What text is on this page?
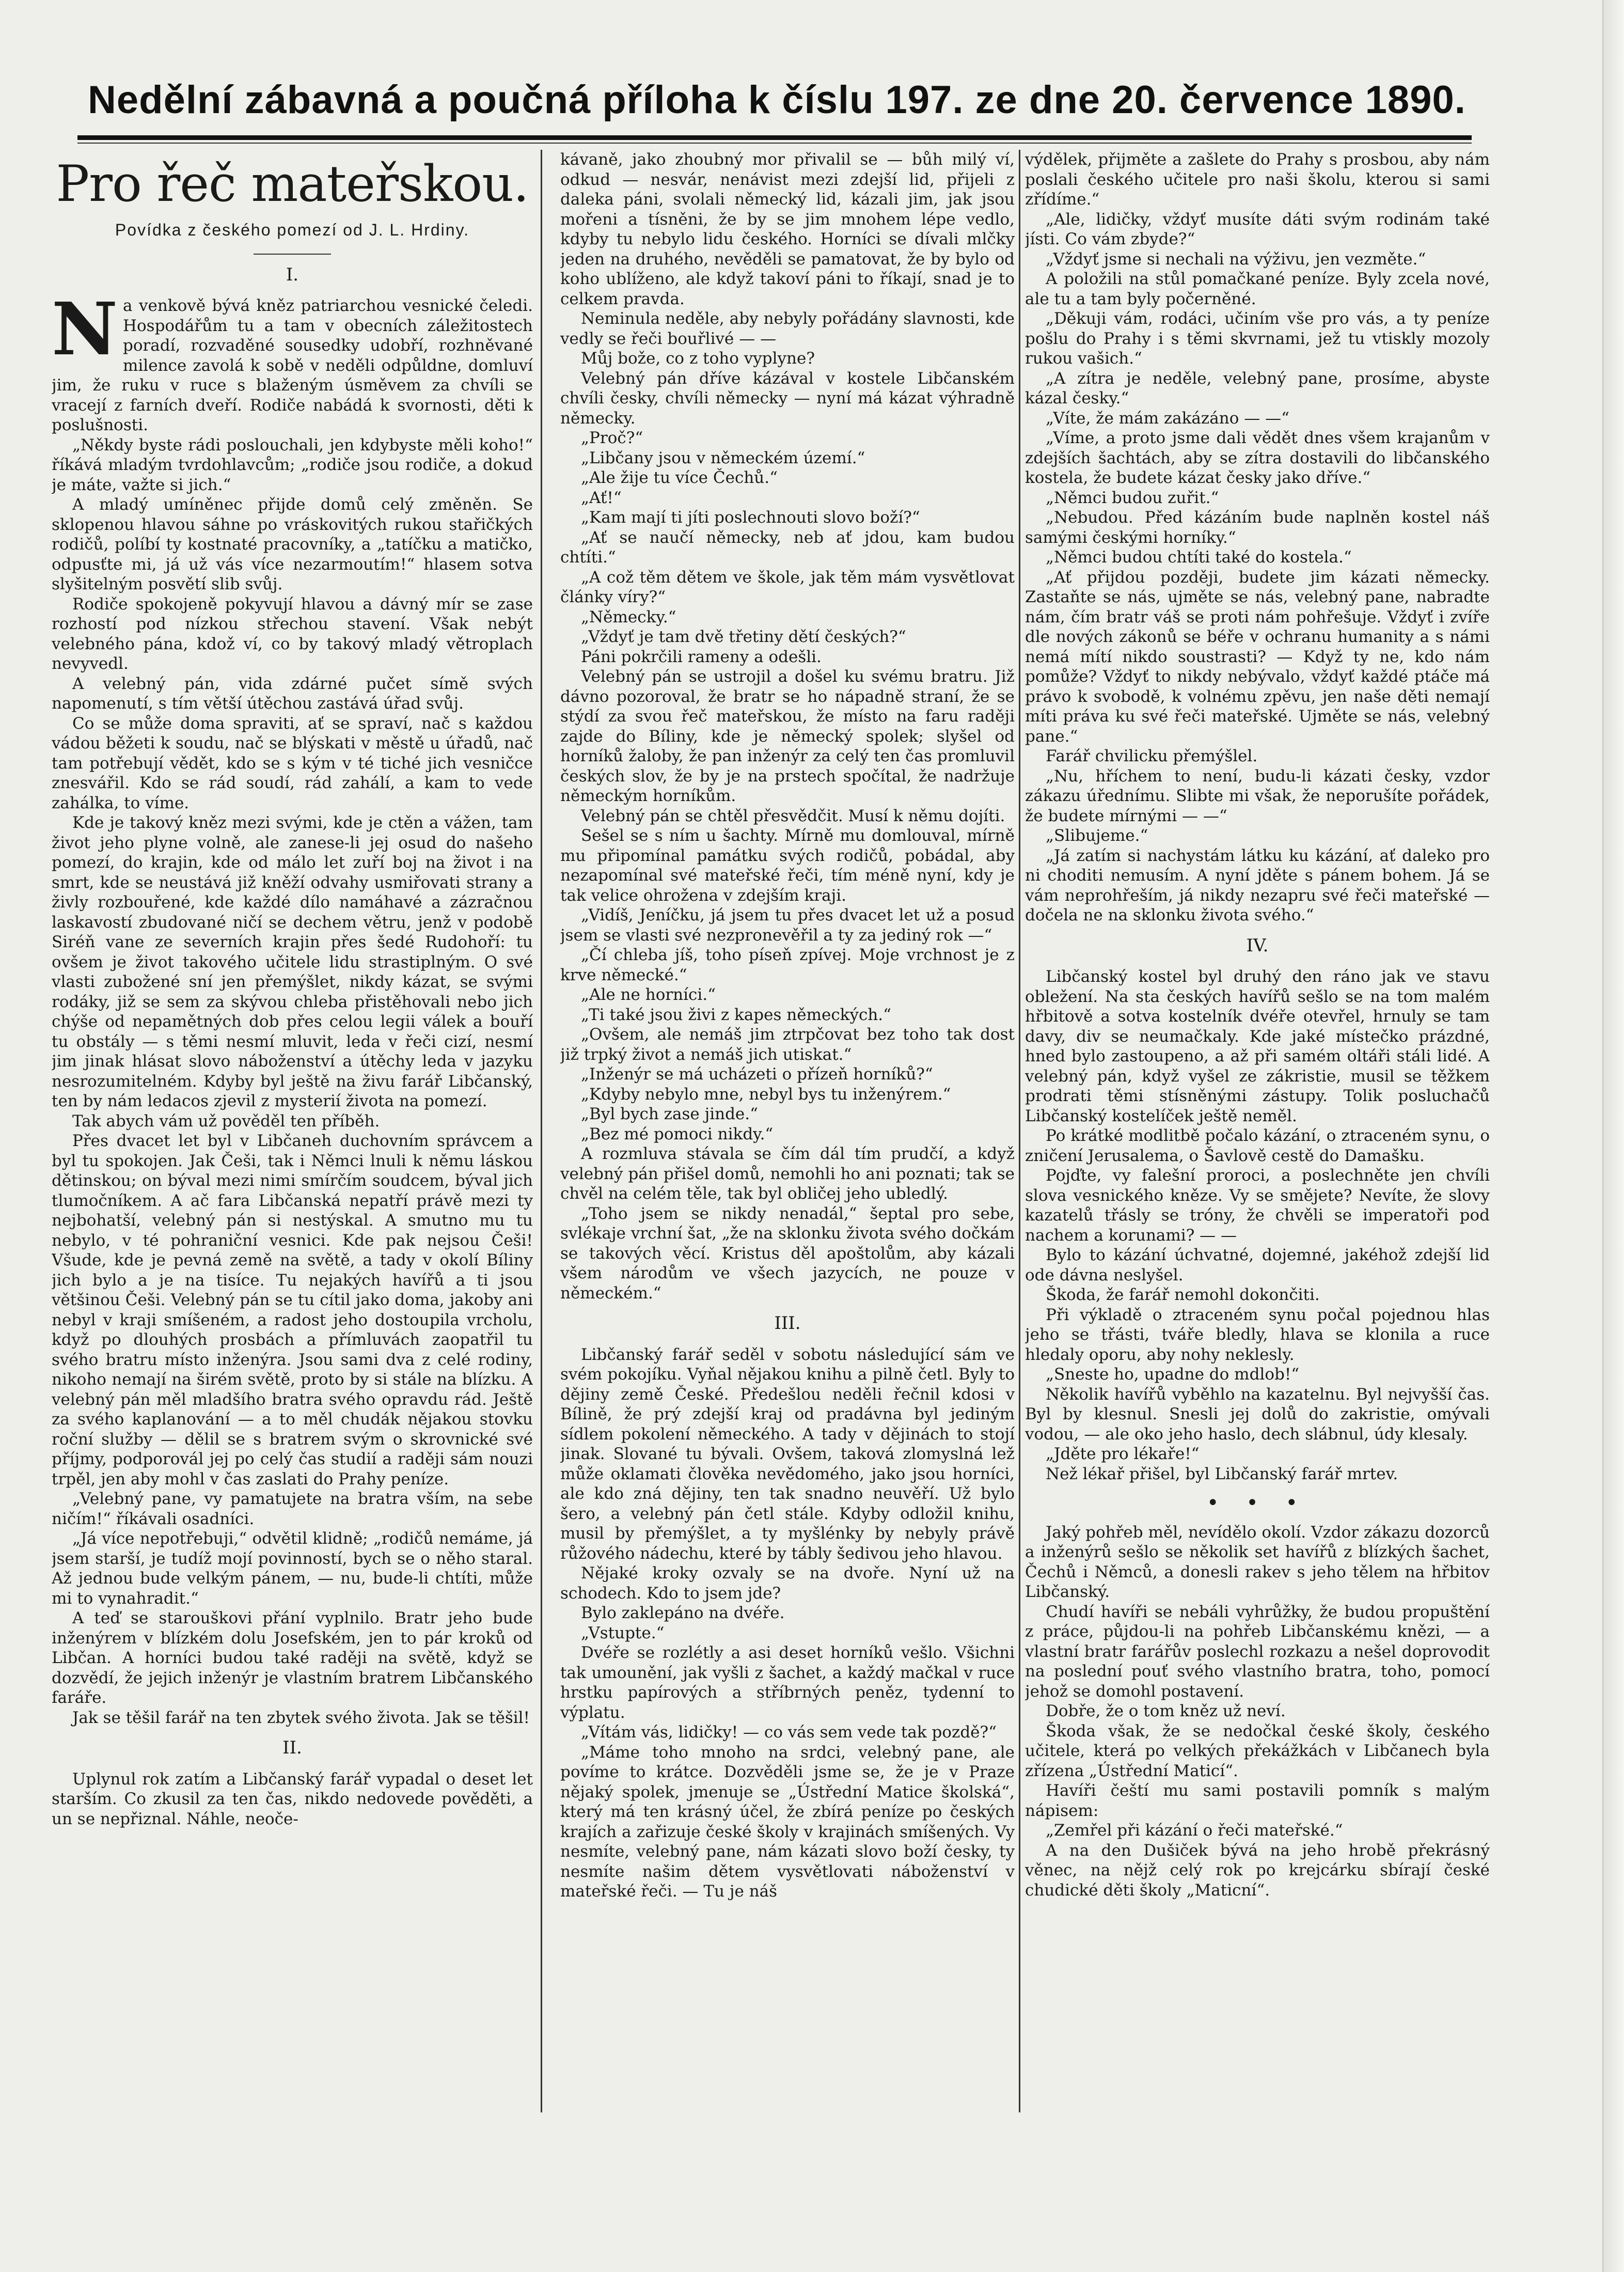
Nedělní zábavná a poučná příloha k číslu 197. ze dne 20. července 1890.
Pro řeč mateřskou.
Povídka z českého pomezí od J. L. Hrdiny.
I.

Na venkově bývá kněz patriarchou vesnické čeledi. Hospodářům tu a tam v obecních záležitostech poradí, rozvaděné sousedky udobří, rozhněvané milence zavolá k sobě v neděli odpůldne, domluví jim, že ruku v ruce s blaženým úsměvem za chvíli se vracejí z farních dveří. Rodiče nabádá k svornosti, děti k poslušnosti.

„Někdy byste rádi poslouchali, jen kdybyste měli koho!“ říkává mladým tvrdohlavcům; „rodiče jsou rodiče, a dokud je máte, važte si jich.“

A mladý umíněnec přijde domů celý změněn. Se sklopenou hlavou sáhne po vráskovitých rukou stařičkých rodičů, políbí ty kostnaté pracovníky, a „tatíčku a matičko, odpusťte mi, já už vás více nezarmoutím!“ hlasem sotva slyšitelným posvětí slib svůj.

Rodiče spokojeně pokyvují hlavou a dávný mír se zase rozhostí pod nízkou střechou stavení. Však nebýt velebného pána, kdož ví, co by takový mladý větroplach nevyvedl.

A velebný pán, vida zdárné pučet símě svých napomenutí, s tím větší útěchou zastává úřad svůj.

Co se může doma spraviti, ať se spraví, nač s každou vádou běžeti k soudu, nač se blýskati v městě u úřadů, nač tam potřebují vědět, kdo se s kým v té tiché jich vesničce znesvářil. Kdo se rád soudí, rád zahálí, a kam to vede zahálka, to víme.

Kde je takový kněz mezi svými, kde je ctěn a vážen, tam život jeho plyne volně, ale zanese-li jej osud do našeho pomezí, do krajin, kde od málo let zuří boj na život i na smrt, kde se neustává již kněží odvahy usmiřovati strany a živly rozbouřené, kde každé dílo namáhavé a zázračnou laskavostí zbudované ničí se dechem větru, jenž v podobě Siréň vane ze severních krajin přes šedé Rudohoří: tu ovšem je život takového učitele lidu strastiplným. O své vlasti zubožené sní jen přemýšlet, nikdy kázat, se svými rodáky, již se sem za skývou chleba přistěhovali nebo jich chýše od nepamětných dob přes celou legii válek a bouří tu obstály — s těmi nesmí mluvit, leda v řeči cizí, nesmí jim jinak hlásat slovo náboženství a útěchy leda v jazyku nesrozumitelném. Kdyby byl ještě na živu farář Libčanský, ten by nám ledacos zjevil z mysterií života na pomezí.

Tak abych vám už pověděl ten příběh.

Přes dvacet let byl v Libčaneh duchovním správcem a byl tu spokojen. Jak Češi, tak i Němci lnuli k němu láskou dětinskou; on býval mezi nimi smírčím soudcem, býval jich tlumočníkem. A ač fara Libčanská nepatří právě mezi ty nejbohatší, velebný pán si nestýskal. A smutno mu tu nebylo, v té pohraniční vesnici. Kde pak nejsou Češi! Všude, kde je pevná země na světě, a tady v okolí Bíliny jich bylo a je na tisíce. Tu nejakých havířů a ti jsou většinou Češi. Velebný pán se tu cítil jako doma, jakoby ani nebyl v kraji smíšeném, a radost jeho dostoupila vrcholu, když po dlouhých prosbách a přímluvách zaopatřil tu svého bratru místo inženýra. Jsou sami dva z celé rodiny, nikoho nemají na širém světě, proto by si stále na blízku. A velebný pán měl mladšího bratra svého opravdu rád. Ještě za svého kaplanování — a to měl chudák nějakou stovku roční služby — dělil se s bratrem svým o skrovnické své příjmy, podporovál jej po celý čas studií a raději sám nouzi trpěl, jen aby mohl v čas zaslati do Prahy peníze.

„Velebný pane, vy pamatujete na bratra vším, na sebe ničím!“ říkávali osadníci.

„Já více nepotřebuji,“ odvětil klidně; „rodičů nemáme, já jsem starší, je tudíž mojí povinností, bych se o něho staral. Až jednou bude velkým pánem, — nu, bude-li chtíti, může mi to vynahradit.“

A teď se starouškovi přání vyplnilo. Bratr jeho bude inženýrem v blízkém dolu Josefském, jen to pár kroků od Libčan. A horníci budou také raději na světě, když se dozvědí, že jejich inženýr je vlastním bratrem Libčanského faráře.

Jak se těšil farář na ten zbytek svého života. Jak se těšil!

II.

Uplynul rok zatím a Libčanský farář vypadal o deset let starším. Co zkusil za ten čas, nikdo nedovede pověděti, a un se nepřiznal. Náhle, neoče-

kávaně, jako zhoubný mor přivalil se — bůh milý ví, odkud — nesvár, nenávist mezi zdejší lid, přijeli z daleka páni, svolali německý lid, kázali jim, jak jsou mořeni a tísněni, že by se jim mnohem lépe vedlo, kdyby tu nebylo lidu českého. Horníci se dívali mlčky jeden na druhého, nevěděli se pamatovat, že by bylo od koho ublíženo, ale když takoví páni to říkají, snad je to celkem pravda.

Neminula neděle, aby nebyly pořádány slavnosti, kde vedly se řeči bouřlivé — —

Můj bože, co z toho vyplyne?

Velebný pán dříve kázával v kostele Libčanském chvíli česky, chvíli německy — nyní má kázat výhradně německy.

„Proč?“

„Libčany jsou v německém území.“

„Ale žije tu více Čechů.“

„Ať!“

„Kam mají ti jíti poslechnouti slovo boží?“

„Ať se naučí německy, neb ať jdou, kam budou chtíti.“

„A což těm dětem ve škole, jak těm mám vysvětlovat články víry?“

„Německy.“

„Vždyť je tam dvě třetiny dětí českých?“

Páni pokrčili rameny a odešli.

Velebný pán se ustrojil a došel ku svému bratru. Již dávno pozoroval, že bratr se ho nápadně straní, že se stýdí za svou řeč mateřskou, že místo na faru raději zajde do Bíliny, kde je německý spolek; slyšel od horníků žaloby, že pan inženýr za celý ten čas promluvil českých slov, že by je na prstech spočítal, že nadržuje německým horníkům.

Velebný pán se chtěl přesvědčit. Musí k němu dojíti.

Sešel se s ním u šachty. Mírně mu domlouval, mírně mu připomínal památku svých rodičů, pobádal, aby nezapomínal své mateřské řeči, tím méně nyní, kdy je tak velice ohrožena v zdejším kraji.

„Vidíš, Jeníčku, já jsem tu přes dvacet let už a posud jsem se vlasti své nezpronevěřil a ty za jediný rok —“

„Čí chleba jíš, toho píseň zpívej. Moje vrchnost je z krve německé.“

„Ale ne horníci.“

„Ti také jsou živi z kapes německých.“

„Ovšem, ale nemáš jim ztrpčovat bez toho tak dost již trpký život a nemáš jich utiskat.“

„Inženýr se má ucházeti o přízeň horníků?“

„Kdyby nebylo mne, nebyl bys tu inženýrem.“

„Byl bych zase jinde.“

„Bez mé pomoci nikdy.“

A rozmluva stávala se čím dál tím prudčí, a když velebný pán přišel domů, nemohli ho ani poznati; tak se chvěl na celém těle, tak byl obličej jeho ubledlý.

„Toho jsem se nikdy nenadál,“ šeptal pro sebe, svlékaje vrchní šat, „že na sklonku života svého dočkám se takových věcí. Kristus děl apoštolům, aby kázali všem národům ve všech jazycích, ne pouze v německém.“

III.

Libčanský farář seděl v sobotu následující sám ve svém pokojíku. Vyňal nějakou knihu a pilně četl. Byly to dějiny země České. Předešlou neděli řečnil kdosi v Bílině, že prý zdejší kraj od pradávna byl jediným sídlem pokolení německého. A tady v dějinách to stojí jinak. Slované tu bývali. Ovšem, taková zlomyslná lež může oklamati člověka nevědomého, jako jsou horníci, ale kdo zná dějiny, ten tak snadno neuvěří. Už bylo šero, a velebný pán četl stále. Kdyby odložil knihu, musil by přemýšlet, a ty myšlénky by nebyly právě růžového nádechu, které by tábly šedivou jeho hlavou.

Nějaké kroky ozvaly se na dvoře. Nyní už na schodech. Kdo to jsem jde?

Bylo zaklepáno na dvéře.

„Vstupte.“

Dvéře se rozlétly a asi deset horníků vešlo. Všichni tak umounění, jak vyšli z šachet, a každý mačkal v ruce hrstku papírových a stříbrných peněz, tydenní to výplatu.

„Vítám vás, lidičky! — co vás sem vede tak pozdě?“

„Máme toho mnoho na srdci, velebný pane, ale povíme to krátce. Dozvěděli jsme se, že je v Praze nějaký spolek, jmenuje se „Ústřední Matice školská“, který má ten krásný účel, že zbírá peníze po českých krajích a zařizuje české školy v krajinách smíšených. Vy nesmíte, velebný pane, nám kázati slovo boží česky, ty nesmíte našim dětem vysvětlovati náboženství v mateřské řeči. — Tu je náš

výdělek, přijměte a zašlete do Prahy s prosbou, aby nám poslali českého učitele pro naši školu, kterou si sami zřídíme.“

„Ale, lidičky, vždyť musíte dáti svým rodinám také jísti. Co vám zbyde?“

„Vždyť jsme si nechali na výživu, jen vezměte.“

A položili na stůl pomačkané peníze. Byly zcela nové, ale tu a tam byly počerněné.

„Děkuji vám, rodáci, učiním vše pro vás, a ty peníze pošlu do Prahy i s těmi skvrnami, jež tu vtiskly mozoly rukou vašich.“

„A zítra je neděle, velebný pane, prosíme, abyste kázal česky.“

„Víte, že mám zakázáno — —“

„Víme, a proto jsme dali vědět dnes všem krajanům v zdejších šachtách, aby se zítra dostavili do libčanského kostela, že budete kázat česky jako dříve.“

„Němci budou zuřit.“

„Nebudou. Před kázáním bude naplněn kostel náš samými českými horníky.“

„Němci budou chtíti také do kostela.“

„Ať přijdou později, budete jim kázati německy. Zastaňte se nás, ujměte se nás, velebný pane, nabradte nám, čím bratr váš se proti nám pohřešuje. Vždyť i zvíře dle nových zákonů se béře v ochranu humanity a s námi nemá mítí nikdo soustrasti? — Když ty ne, kdo nám pomůže? Vždyť to nikdy nebývalo, vždyť každé ptáče má právo k svobodě, k volnému zpěvu, jen naše děti nemají míti práva ku své řeči mateřské. Ujměte se nás, velebný pane.“

Farář chvilicku přemýšlel.

„Nu, hříchem to není, budu-li kázati česky, vzdor zákazu úřednímu. Slibte mi však, že neporušíte pořádek, že budete mírnými — —“

„Slibujeme.“

„Já zatím si nachystám látku ku kázání, ať daleko pro ni choditi nemusím. A nyní jděte s pánem bohem. Já se vám neprohřeším, já nikdy nezapru své řeči mateřské — dočela ne na sklonku života svého.“

IV.

Libčanský kostel byl druhý den ráno jak ve stavu obležení. Na sta českých havířů sešlo se na tom malém hřbitově a sotva kostelník dvéře otevřel, hrnuly se tam davy, div se neumačkaly. Kde jaké místečko prázdné, hned bylo zastoupeno, a až při samém oltáři stáli lidé. A velebný pán, když vyšel ze zákristie, musil se těžkem prodrati těmi stísněnými zástupy. Tolik posluchačů Libčanský kostelíček ještě neměl.

Po krátké modlitbě počalo kázání, o ztraceném synu, o zničení Jerusalema, o Šavlově cestě do Damašku.

Pojďte, vy falešní proroci, a poslechněte jen chvíli slova vesnického kněze. Vy se smějete? Nevíte, že slovy kazatelů třásly se tróny, že chvěli se imperatoři pod nachem a korunami? — —

Bylo to kázání úchvatné, dojemné, jakéhož zdejší lid ode dávna neslyšel.

Škoda, že farář nemohl dokončiti.

Při výkladě o ztraceném synu počal pojednou hlas jeho se třásti, tváře bledly, hlava se klonila a ruce hledaly oporu, aby nohy neklesly.

„Sneste ho, upadne do mdlob!“

Několik havířů vyběhlo na kazatelnu. Byl nejvyšší čas. Byl by klesnul. Snesli jej dolů do zakristie, omývali vodou, — ale oko jeho haslo, dech slábnul, údy klesaly.

„Jděte pro lékaře!“

Než lékař přišel, byl Libčanský farář mrtev.

• • •

Jaký pohřeb měl, nevídělo okolí. Vzdor zákazu dozorců a inženýrů sešlo se několik set havířů z blízkých šachet, Čechů i Němců, a donesli rakev s jeho tělem na hřbitov Libčanský.

Chudí havíři se nebáli vyhrůžky, že budou propuštění z práce, půjdou-li na pohřeb Libčanskému knězi, — a vlastní bratr farářův poslechl rozkazu a nešel doprovodit na poslední pouť svého vlastního bratra, toho, pomocí jehož se domohl postavení.

Dobře, že o tom kněz už neví.

Škoda však, že se nedočkal české školy, českého učitele, která po velkých překážkách v Libčanech byla zřízena „Ústřední Maticí“.

Havíři čeští mu sami postavili pomník s malým nápisem:

„Zemřel při kázání o řeči mateřské.“

A na den Dušiček bývá na jeho hrobě překrásný věnec, na nějž celý rok po krejcárku sbírají české chudické děti školy „Maticní“.
